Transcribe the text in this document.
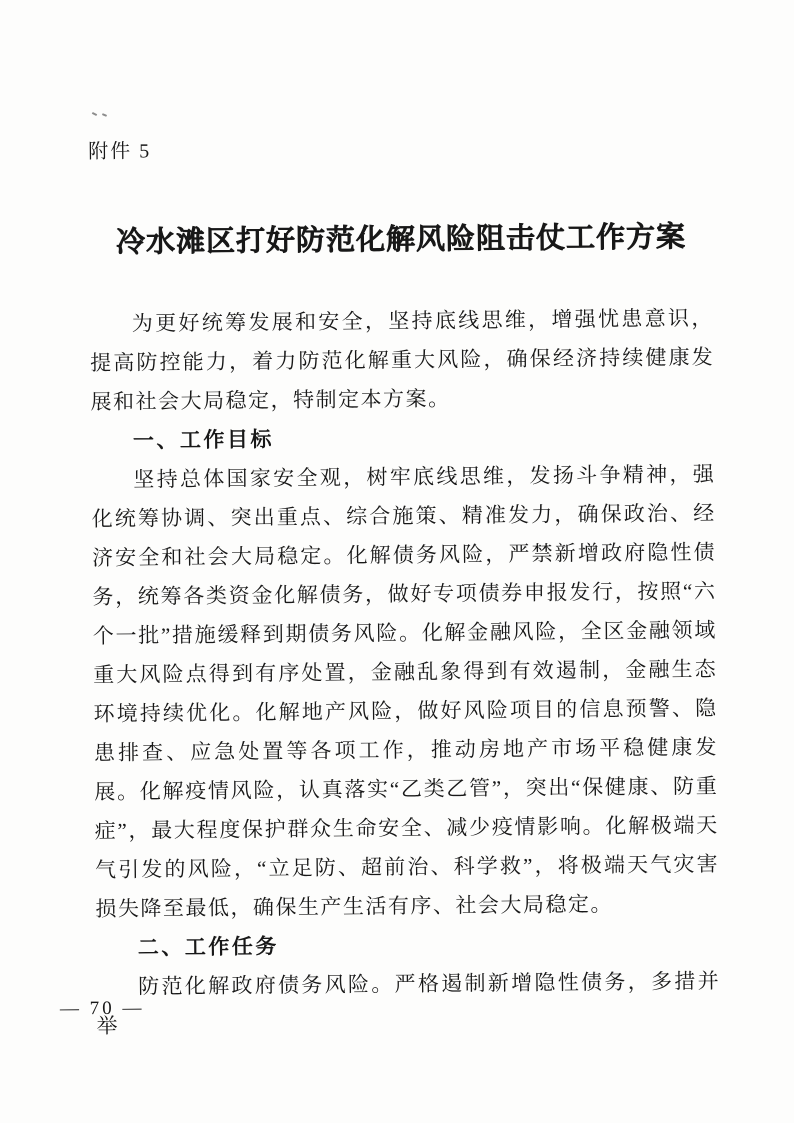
附件 5
冷水滩区打好防范化解风险阻击仗工作方案

为更好统筹发展和安全，坚持底线思维，增强忧患意识，提高防控能力，着力防范化解重大风险，确保经济持续健康发展和社会大局稳定，特制定本方案。

一、工作目标

坚持总体国家安全观，树牢底线思维，发扬斗争精神，强化统筹协调、突出重点、综合施策、精准发力，确保政治、经济安全和社会大局稳定。化解债务风险，严禁新增政府隐性债务，统筹各类资金化解债务，做好专项债券申报发行，按照“六个一批”措施缓释到期债务风险。化解金融风险，全区金融领域重大风险点得到有序处置，金融乱象得到有效遏制，金融生态环境持续优化。化解地产风险，做好风险项目的信息预警、隐患排查、应急处置等各项工作，推动房地产市场平稳健康发展。化解疫情风险，认真落实“乙类乙管”，突出“保健康、防重症”，最大程度保护群众生命安全、减少疫情影响。化解极端天气引发的风险，“立足防、超前治、科学救”，将极端天气灾害损失降至最低，确保生产生活有序、社会大局稳定。

二、工作任务

防范化解政府债务风险。严格遏制新增隐性债务，多措并举

— 70 —
